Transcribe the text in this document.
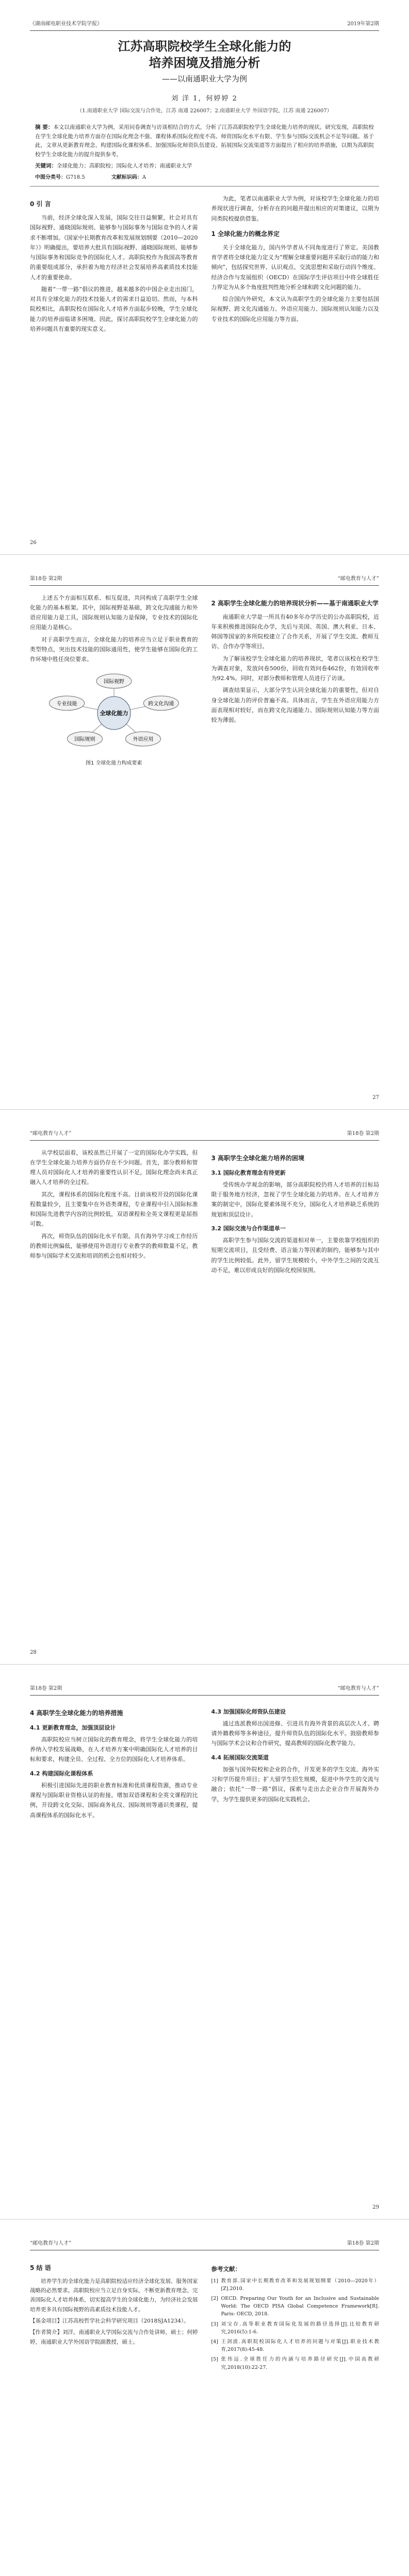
《湖南邮电职业技术学院学报》	2019年第2期
江苏高职院校学生全球化能力的
培养困境及措施分析
——以南通职业大学为例
刘 洋 1，何婷婷 2
（1.南通职业大学 国际交流与合作处，江苏 南通 226007；2.南通职业大学 外国语学院，江苏 南通 226007）

摘 要：本文以南通职业大学为例，采用问卷调查与访谈相结合的方式，分析了江苏高职院校学生全球化能力培养的现状。研究发现，高职院校在学生全球化能力培养方面存在国际化理念不强、课程体系国际化程度不高、师资国际化水平有限、学生参与国际交流机会不足等问题。基于此，文章从更新教育理念、构建国际化课程体系、加强国际化师资队伍建设、拓展国际交流渠道等方面提出了相应的培养措施，以期为高职院校学生全球化能力的提升提供参考。

关键词：全球化能力；高职院校；国际化人才培养；南通职业大学

中图分类号：G718.5	文献标识码：A
0 引 言

当前，经济全球化深入发展，国际交往日益频繁，社会对具有国际视野、通晓国际规则、能够参与国际事务与国际竞争的人才需求不断增加。《国家中长期教育改革和发展规划纲要（2010—2020年）》明确提出，要培养大批具有国际视野、通晓国际规则、能够参与国际事务和国际竞争的国际化人才。高职院校作为我国高等教育的重要组成部分，承担着为地方经济社会发展培养高素质技术技能人才的重要使命。

随着“一带一路”倡议的推进，越来越多的中国企业走出国门，对具有全球化能力的技术技能人才的需求日益迫切。然而，与本科院校相比，高职院校在国际化人才培养方面起步较晚，学生全球化能力的培养面临诸多困境。因此，探讨高职院校学生全球化能力的培养问题具有重要的现实意义。

为此，笔者以南通职业大学为例，对该校学生全球化能力的培养现状进行调查，分析存在的问题并提出相应的对策建议，以期为同类院校提供借鉴。

1 全球化能力的概念界定

关于全球化能力，国内外学者从不同角度进行了界定。美国教育学者将全球化能力定义为“理解全球重要问题并采取行动的能力和倾向”，包括探究世界、认识观点、交流思想和采取行动四个维度。经济合作与发展组织（OECD）在国际学生评估项目中将全球胜任力界定为从多个角度批判性地分析全球和跨文化问题的能力。

综合国内外研究，本文认为高职学生的全球化能力主要包括国际视野、跨文化沟通能力、外语应用能力、国际规则认知能力以及专业技术的国际化应用能力等方面。

26
第18卷 第2期	“邮电教育与人才”

上述五个方面相互联系、相互促进，共同构成了高职学生全球化能力的基本框架。其中，国际视野是基础，跨文化沟通能力和外语应用能力是工具，国际规则认知能力是保障，专业技术的国际化应用能力是核心。

对于高职学生而言，全球化能力的培养应当立足于职业教育的类型特点，突出技术技能的国际通用性，使学生能够在国际化的工作环境中胜任岗位要求。

国际视野
跨文化沟通
外语应用
国际规则
专业技能
全球化能力
图1 全球化能力构成要素
2 高职学生全球化能力的培养现状分析——基于南通职业大学

南通职业大学是一所具有40多年办学历史的公办高职院校，近年来积极推进国际化办学，先后与美国、英国、澳大利亚、日本、韩国等国家的多所院校建立了合作关系，开展了学生交流、教师互访、合作办学等项目。

为了解该校学生全球化能力的培养现状，笔者以该校在校学生为调查对象，发放问卷500份，回收有效问卷462份，有效回收率为92.4%。同时，对部分教师和管理人员进行了访谈。

调查结果显示，大部分学生认同全球化能力的重要性，但对自身全球化能力的评价普遍不高。具体而言，学生在外语应用能力方面表现相对较好，而在跨文化沟通能力、国际规则认知能力等方面较为薄弱。

27
“邮电教育与人才”	第18卷 第2期

从学校层面看，该校虽然已开展了一定的国际化办学实践，但在学生全球化能力培养方面仍存在不少问题。首先，部分教师和管理人员对国际化人才培养的重要性认识不足，国际化理念尚未真正融入人才培养的全过程。

其次，课程体系的国际化程度不高。目前该校开设的国际化课程数量较少，且主要集中在外语类课程，专业课程中引入国际标准和国际先进教学内容的比例较低，双语课程和全英文课程更是屈指可数。

再次，师资队伍的国际化水平有限。具有海外学习或工作经历的教师比例偏低，能够使用外语进行专业教学的教师数量不足，教师参与国际学术交流和培训的机会也相对较少。

3 高职学生全球化能力培养的困境
3.1 国际化教育理念有待更新

受传统办学观念的影响，部分高职院校仍将人才培养的目标局限于服务地方经济，忽视了学生全球化能力的培养。在人才培养方案的制定中，国际化要素体现不充分，国际化人才培养缺乏系统的规划和顶层设计。

3.2 国际交流与合作渠道单一

高职学生参与国际交流的渠道相对单一，主要依靠学校组织的短期交流项目，且受经费、语言能力等因素的制约，能够参与其中的学生比例较低。此外，留学生规模较小，中外学生之间的交流互动不足，难以形成良好的国际化校园氛围。

28
第18卷 第2期	“邮电教育与人才”
4 高职学生全球化能力的培养措施
4.1 更新教育理念，加强顶层设计

高职院校应当树立国际化的教育理念，将学生全球化能力的培养纳入学校发展战略，在人才培养方案中明确国际化人才培养的目标和要求，构建全员、全过程、全方位的国际化人才培养体系。

4.2 构建国际化课程体系

积极引进国际先进的职业教育标准和优质课程资源，推动专业课程与国际职业资格认证的衔接。增加双语课程和全英文课程的比例，开设跨文化交际、国际商务礼仪、国际规则等通识类课程，提高课程体系的国际化水平。

4.3 加强国际化师资队伍建设

通过选派教师出国进修、引进具有海外背景的高层次人才、聘请外籍教师等多种途径，提升师资队伍的国际化水平。鼓励教师参与国际学术会议和合作研究，提高教师的国际化教学能力。

4.4 拓展国际交流渠道

加强与国外院校和企业的合作，开发更多的学生交流、海外实习和学历提升项目；扩大留学生招生规模，促进中外学生的交流与融合；依托“一带一路”倡议，探索与走出去企业合作开展海外办学，为学生提供更多的国际化实践机会。

29
“邮电教育与人才”	第18卷 第2期
5 结 语

培养学生的全球化能力是高职院校适应经济全球化发展、服务国家战略的必然要求。高职院校应当立足自身实际，不断更新教育理念，完善国际化人才培养体系，切实提高学生的全球化能力，为经济社会发展培养更多具有国际视野的高素质技术技能人才。

【基金项目】江苏高校哲学社会科学研究项目（2018SJA1234）。

【作者简介】刘洋，南通职业大学国际交流与合作处讲师，硕士；何婷婷，南通职业大学外国语学院副教授，硕士。

参考文献：

[1] 教育部.国家中长期教育改革和发展规划纲要（2010—2020年）[Z].2010.

[2] OECD. Preparing Our Youth for an Inclusive and Sustainable World: The OECD PISA Global Competence Framework[R]. Paris: OECD, 2018.

[3] 刘宝存.高等职业教育国际化发展的路径选择[J].比较教育研究,2016(5):1-6.

[4] 王剑波.高职院校国际化人才培养的问题与对策[J].职业技术教育,2017(8):45-48.

[5] 张伟远.全球胜任力的内涵与培养路径研究[J].中国高教研究,2018(10):22-27.
